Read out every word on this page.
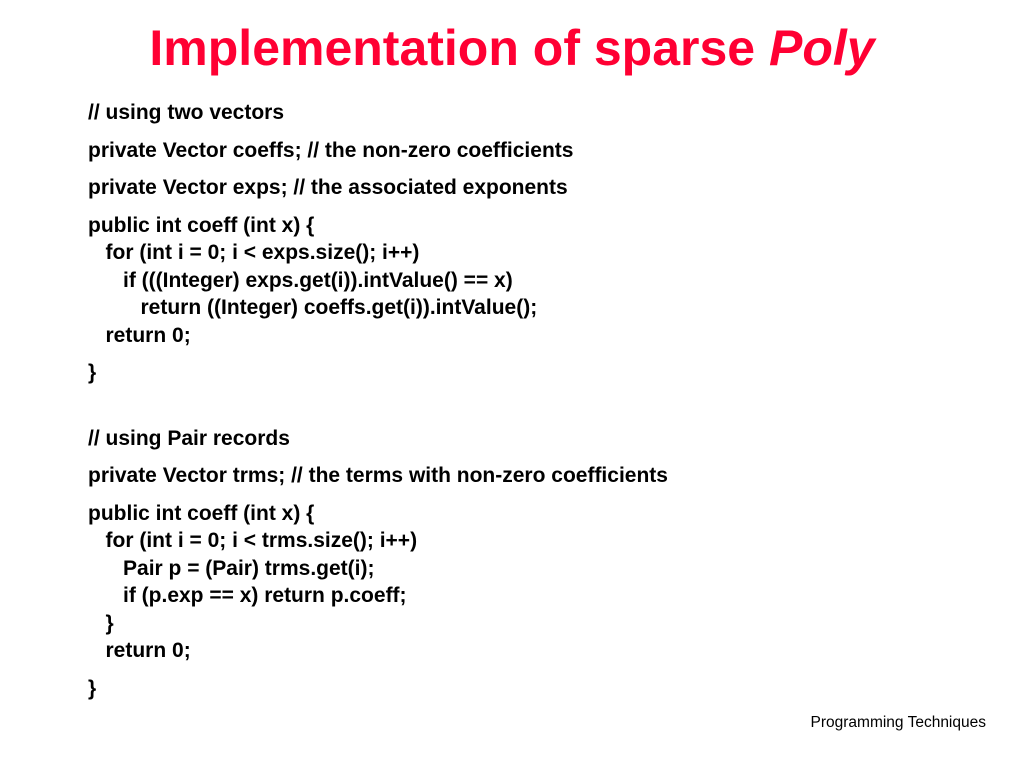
Implementation of sparse Poly
// using two vectors
private Vector coeffs; // the non-zero coefficients
private Vector exps; // the associated exponents
public int coeff (int x) {
for (int i = 0; i < exps.size(); i++)
if (((Integer) exps.get(i)).intValue() == x)
return ((Integer) coeffs.get(i)).intValue();
return 0;
}
// using Pair records
private Vector trms; // the terms with non-zero coefficients
public int coeff (int x) {
for (int i = 0; i < trms.size(); i++)
Pair p = (Pair) trms.get(i);
if (p.exp == x) return p.coeff;
}
return 0;
}
Programming Techniques
